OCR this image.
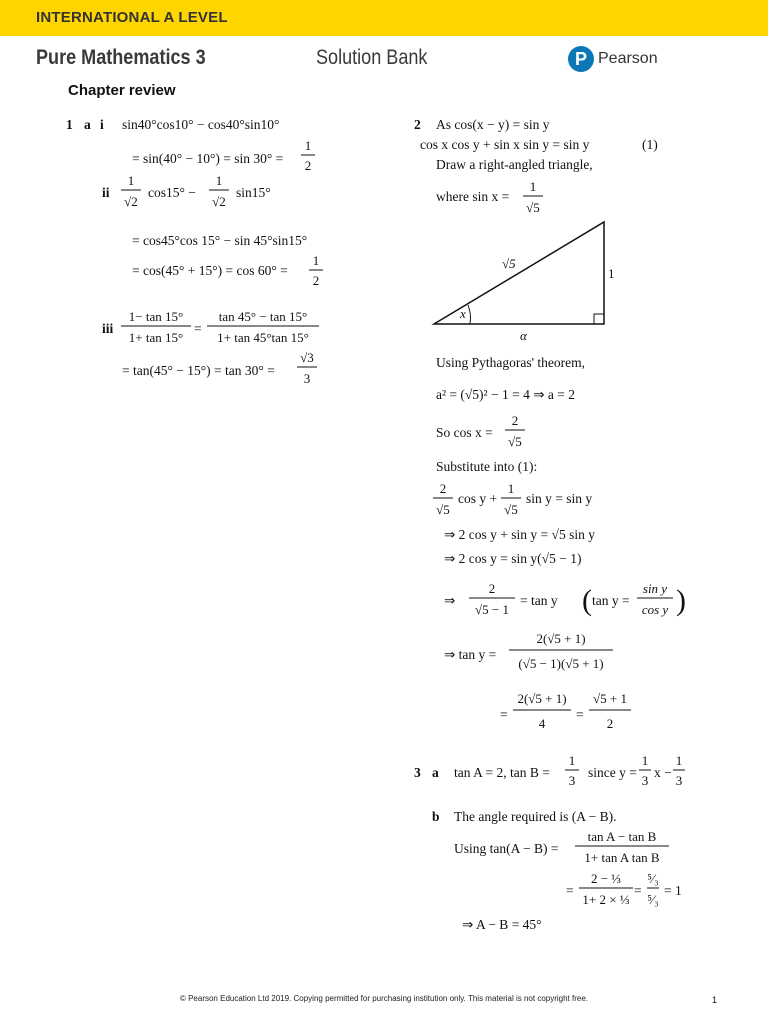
INTERNATIONAL A LEVEL
Pure Mathematics 3	Solution Bank	P Pearson
Chapter review
1 a i sin40°cos10° − cos40°sin10°
= sin(40° − 10°) = sin 30° =
1
2
ii
1
√2
cos15° −
1
√2
sin15°
= cos45°cos 15° − sin 45°sin15°
= cos(45° + 15°) = cos 60° =
1
2
iii
1− tan 15°
1+ tan 15°
=
tan 45° − tan 15°
1+ tan 45°tan 15°
= tan(45° − 15°) = tan 30° =
√3
3
2 As cos(x − y) = sin y
cos x cos y + sin x sin y = sin y	(1)
Draw a right-angled triangle,
where sin x =
1
√5
√5
1
α
x
Using Pythagoras' theorem,
a² = (√5)² − 1 = 4 ⇒ a = 2
So cos x =
2
√5
Substitute into (1):
2
√5
cos y +
1
√5
sin y = sin y
⇒ 2 cos y + sin y = √5 sin y
⇒ 2 cos y = sin y(√5 − 1)
⇒
2
√5 − 1
= tan y ( tan y =
sin y
cos y )
⇒ tan y =
2(√5 + 1)
(√5 − 1)(√5 + 1)
=
2(√5 + 1)
4
=
√5 + 1
2
3 a tan A = 2, tan B =
1
3
since y =
1
3
x −
1
3
b The angle required is (A − B).
Using tan(A − B) =
tan A − tan B
1+ tan A tan B
=
2 − ⅓
1+ 2 × ⅓
=
⁵⁄₃
⁵⁄₃
= 1
⇒ A − B = 45°
© Pearson Education Ltd 2019. Copying permitted for purchasing institution only. This material is not copyright free.	1
